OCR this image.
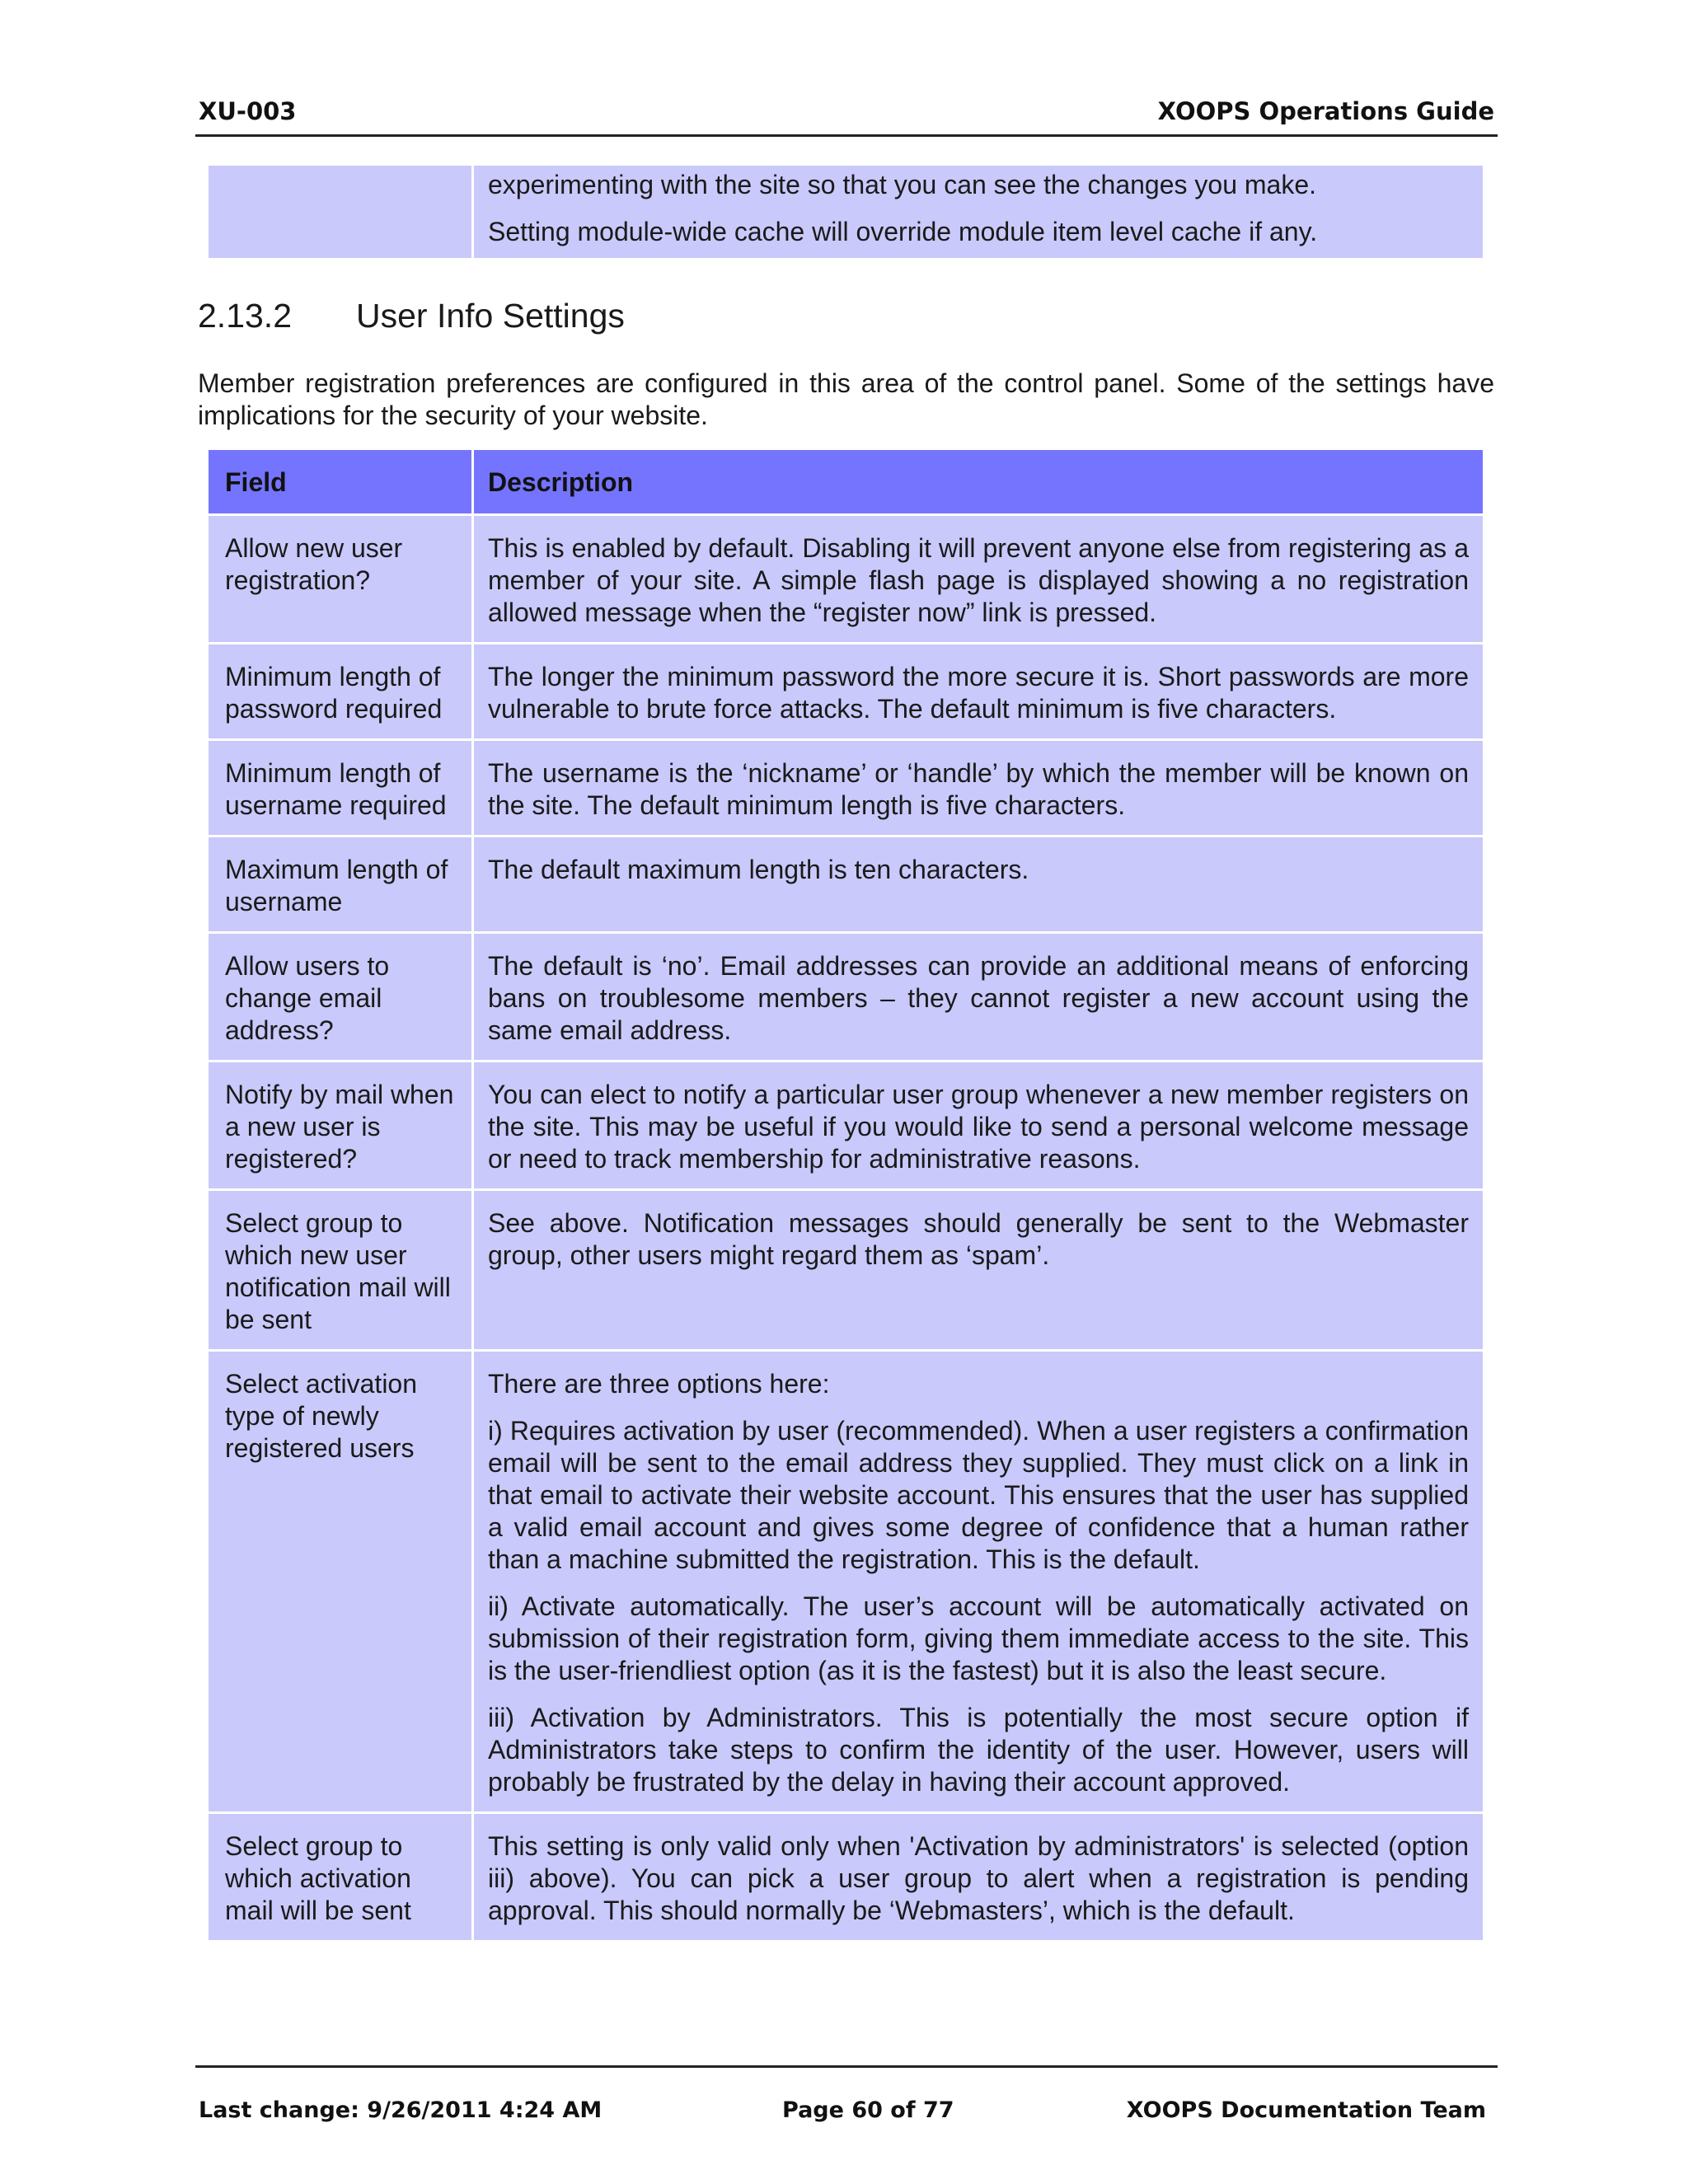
XU-003	XOOPS Operations Guide

experimenting with the site so that you can see the changes you make.

Setting module-wide cache will override module item level cache if any.

2.13.2 User Info Settings

Member registration preferences are configured in this area of the control panel. Some of the settings have implications for the security of your website.

Field	Description
Allow new user registration?	This is enabled by default. Disabling it will prevent anyone else from registering as a member of your site. A simple flash page is displayed showing a no registration allowed message when the “register now” link is pressed.

Minimum length of password required	The longer the minimum password the more secure it is. Short passwords are more vulnerable to brute force attacks. The default minimum is five characters.

Minimum length of username required	The username is the ‘nickname’ or ‘handle’ by which the member will be known on the site. The default minimum length is five characters.

Maximum length of username	The default maximum length is ten characters.

Allow users to change email address?	The default is ‘no’. Email addresses can provide an additional means of enforcing bans on troublesome members – they cannot register a new account using the same email address.

Notify by mail when a new user is registered?	You can elect to notify a particular user group whenever a new member registers on the site. This may be useful if you would like to send a personal welcome message or need to track membership for administrative reasons.

Select group to which new user notification mail will be sent	See above. Notification messages should generally be sent to the Webmaster group, other users might regard them as ‘spam’.

Select activation type of newly registered users	There are three options here:

i) Requires activation by user (recommended). When a user registers a confirmation email will be sent to the email address they supplied. They must click on a link in that email to activate their website account. This ensures that the user has supplied a valid email account and gives some degree of confidence that a human rather than a machine submitted the registration. This is the default.

ii) Activate automatically. The user’s account will be automatically activated on submission of their registration form, giving them immediate access to the site. This is the user-friendliest option (as it is the fastest) but it is also the least secure.

iii) Activation by Administrators. This is potentially the most secure option if Administrators take steps to confirm the identity of the user. However, users will probably be frustrated by the delay in having their account approved.

Select group to which activation mail will be sent	This setting is only valid only when 'Activation by administrators' is selected (option iii) above). You can pick a user group to alert when a registration is pending approval. This should normally be ‘Webmasters’, which is the default.

Last change: 9/26/2011 4:24 AM	Page 60 of 77	XOOPS Documentation Team
